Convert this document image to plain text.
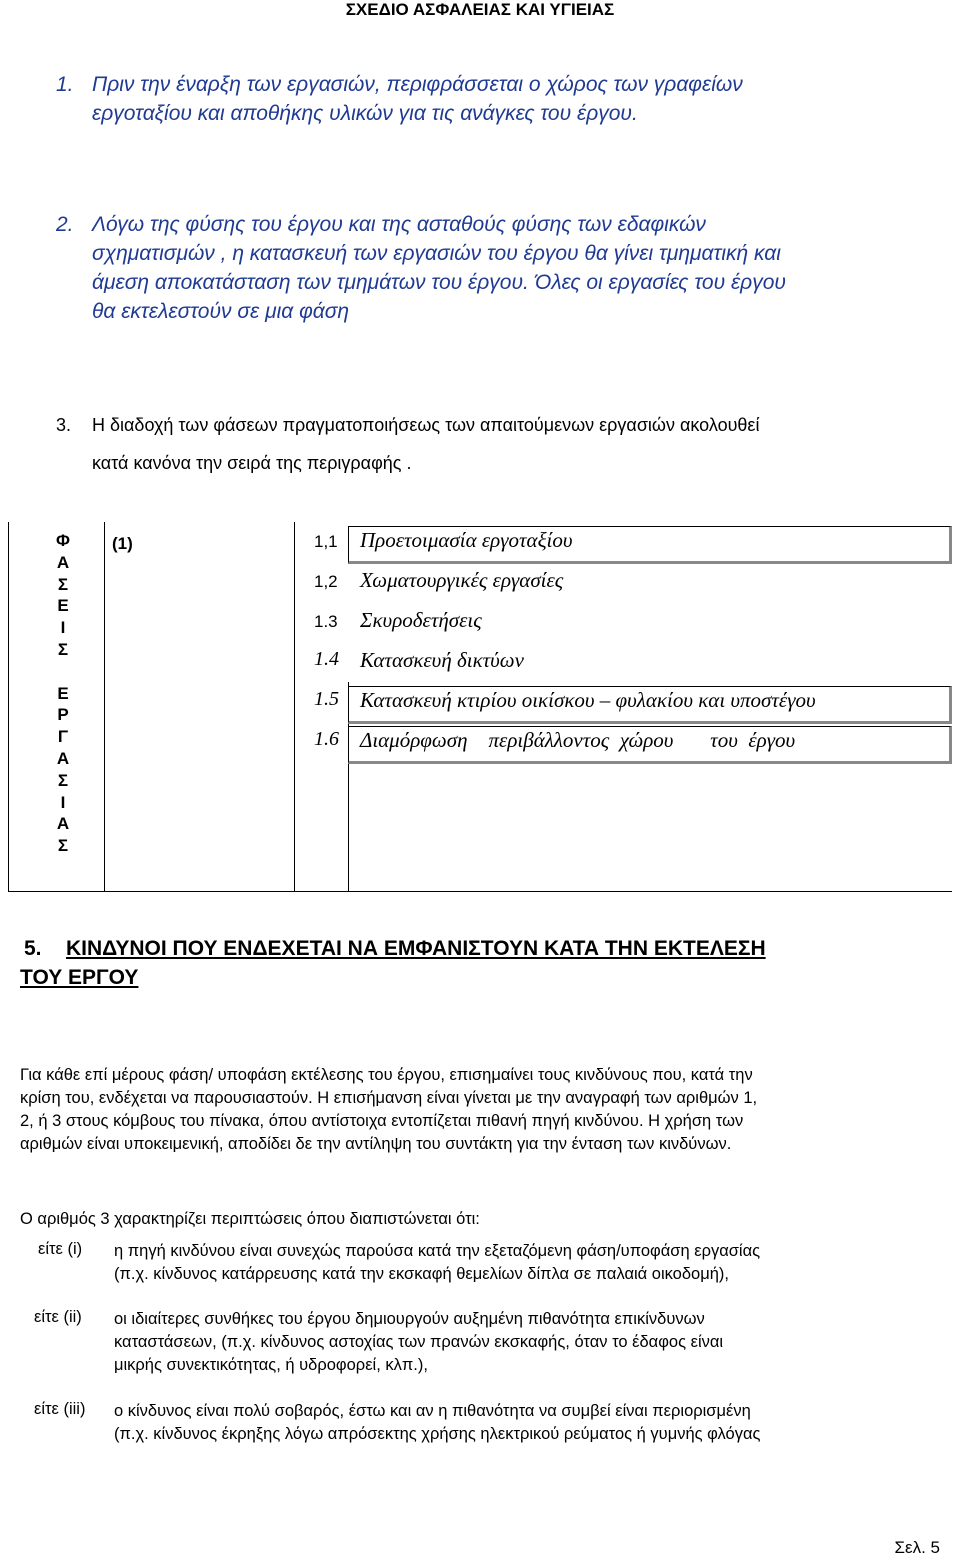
ΣΧΕΔΙΟ ΑΣΦΑΛΕΙΑΣ ΚΑΙ ΥΓΙΕΙΑΣ
1. Πριν την έναρξη των εργασιών, περιφράσσεται ο χώρος των γραφείων
εργοταξίου και αποθήκης υλικών για τις ανάγκες του έργου.
2. Λόγω της φύσης του έργου και της ασταθούς φύσης των εδαφικών
σχηματισμών , η κατασκευή των εργασιών του έργου θα γίνει τμηματική και
άμεση αποκατάσταση των τμημάτων του έργου. Όλες οι εργασίες του έργου
θα εκτελεστούν σε μια φάση
3. Η διαδοχή των φάσεων πραγματοποιήσεως των απαιτούμενων εργασιών ακολουθεί
κατά κανόνα την σειρά της περιγραφής .
Φ
Α
Σ
Ε
Ι
Σ

Ε
Ρ
Γ
Α
Σ
Ι
Α
Σ
(1)	1,1 Προετοιμασία εργοταξίου
1,2 Χωματουργικές εργασίες
1.3 Σκυροδετήσεις
1.4 Κατασκευή δικτύων
1.5 Κατασκευή κτιρίου οικίσκου – φυλακίου και υποστέγου
1.6 Διαμόρφωση    περιβάλλοντος  χώρου       του  έργου
5. ΚΙΝΔΥΝΟΙ ΠΟΥ ΕΝΔΕΧΕΤΑΙ ΝΑ ΕΜΦΑΝΙΣΤΟΥΝ ΚΑΤΑ ΤΗΝ ΕΚΤΕΛΕΣΗ
ΤΟΥ ΕΡΓΟΥ
Για κάθε επί μέρους φάση/ υποφάση εκτέλεσης του έργου, επισημαίνει τους κινδύνους που, κατά την
κρίση του, ενδέχεται να παρουσιαστούν. Η επισήμανση είναι γίνεται με την αναγραφή των αριθμών 1,
2, ή 3 στους κόμβους του πίνακα, όπου αντίστοιχα εντοπίζεται πιθανή πηγή κινδύνου. Η χρήση των
αριθμών είναι υποκειμενική, αποδίδει δε την αντίληψη του συντάκτη για την ένταση των κινδύνων.
Ο αριθμός 3 χαρακτηρίζει περιπτώσεις όπου διαπιστώνεται ότι:
είτε (i) η πηγή κινδύνου είναι συνεχώς παρούσα κατά την εξεταζόμενη φάση/υποφάση εργασίας
(π.χ. κίνδυνος κατάρρευσης κατά την εκσκαφή θεμελίων δίπλα σε παλαιά οικοδομή),
είτε (ii) οι ιδιαίτερες συνθήκες του έργου δημιουργούν αυξημένη πιθανότητα επικίνδυνων
καταστάσεων, (π.χ. κίνδυνος αστοχίας των πρανών εκσκαφής, όταν το έδαφος είναι
μικρής συνεκτικότητας, ή υδροφορεί, κλπ.),
είτε (iii) ο κίνδυνος είναι πολύ σοβαρός, έστω και αν η πιθανότητα να συμβεί είναι περιορισμένη
(π.χ. κίνδυνος έκρηξης λόγω απρόσεκτης χρήσης ηλεκτρικού ρεύματος ή γυμνής φλόγας
Σελ. 5
